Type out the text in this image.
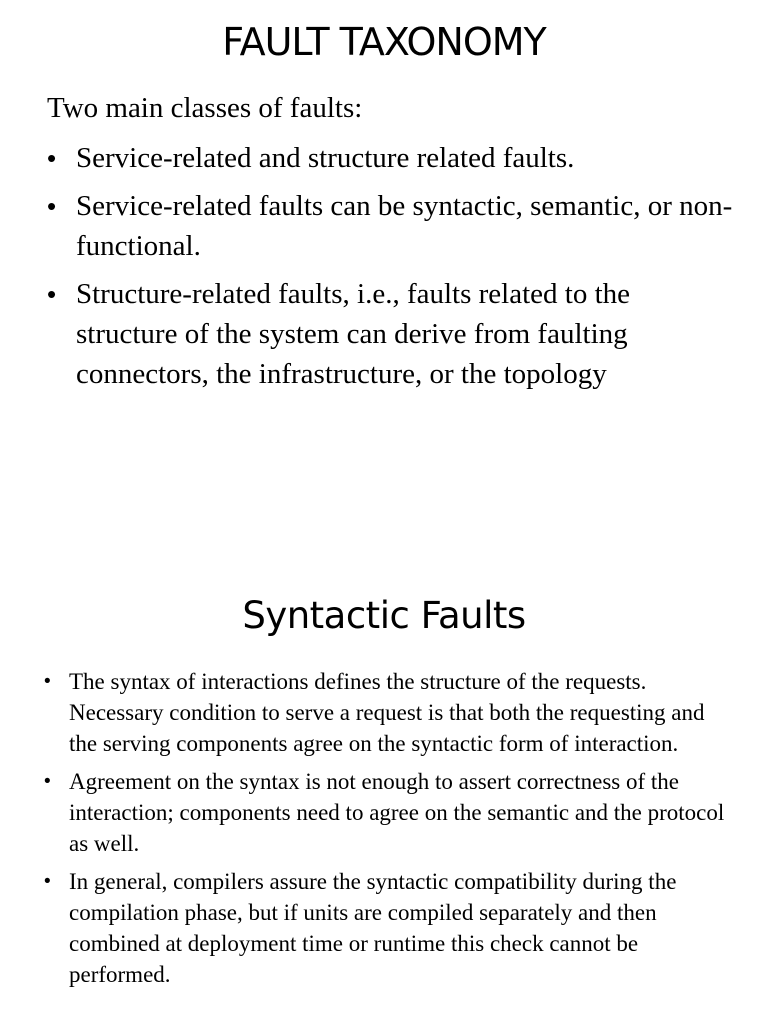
FAULT TAXONOMY

Two main classes of faults:

• Service-related and structure related faults.
• Service-related faults can be syntactic, semantic, or non-functional.
• Structure-related faults, i.e., faults related to the structure of the system can derive from faulting connectors, the infrastructure, or the topology
Syntactic Faults
• The syntax of interactions defines the structure of the requests. Necessary condition to serve a request is that both the requesting and the serving components agree on the syntactic form of interaction.
• Agreement on the syntax is not enough to assert correctness of the interaction; components need to agree on the semantic and the protocol as well.
• In general, compilers assure the syntactic compatibility during the compilation phase, but if units are compiled separately and then combined at deployment time or runtime this check cannot be performed.
